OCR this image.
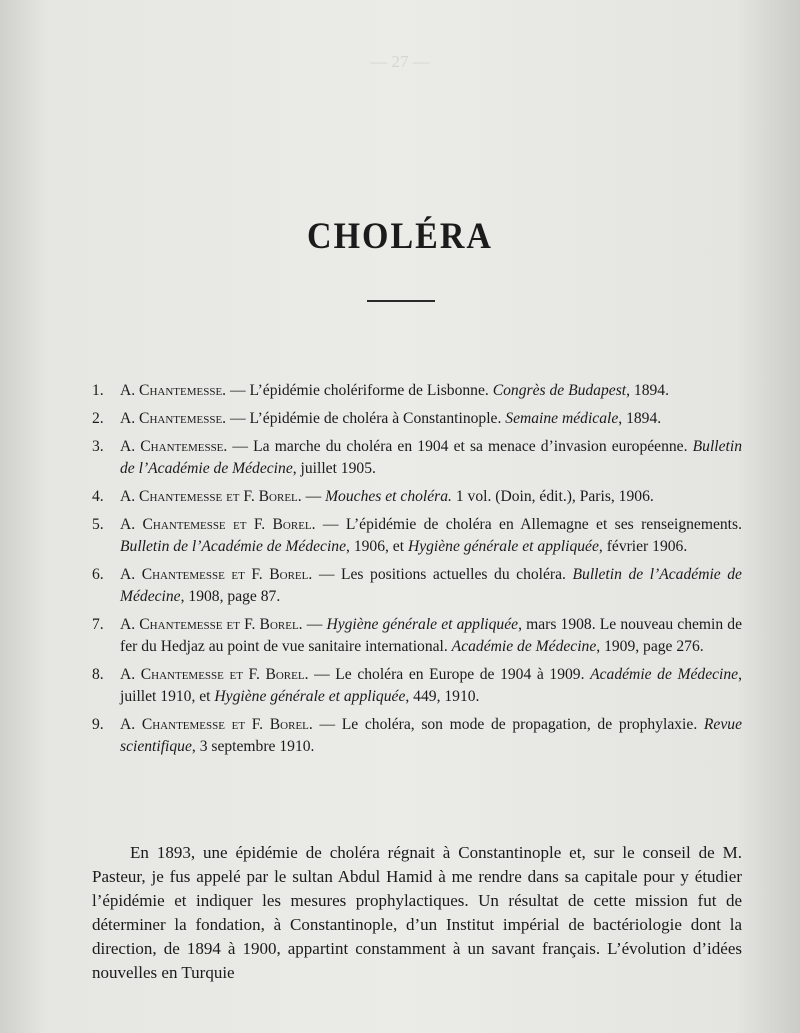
— 27 —
CHOLÉRA
1. A. Chantemesse. — L’épidémie cholériforme de Lisbonne. Congrès de Budapest, 1894.
2. A. Chantemesse. — L’épidémie de choléra à Constantinople. Semaine médicale, 1894.
3. A. Chantemesse. — La marche du choléra en 1904 et sa menace d’invasion européenne. Bulletin de l’Académie de Médecine, juillet 1905.
4. A. Chantemesse et F. Borel. — Mouches et choléra. 1 vol. (Doin, édit.), Paris, 1906.
5. A. Chantemesse et F. Borel. — L’épidémie de choléra en Allemagne et ses renseignements. Bulletin de l’Académie de Médecine, 1906, et Hygiène générale et appliquée, février 1906.
6. A. Chantemesse et F. Borel. — Les positions actuelles du choléra. Bulletin de l’Académie de Médecine, 1908, page 87.
7. A. Chantemesse et F. Borel. — Hygiène générale et appliquée, mars 1908. Le nouveau chemin de fer du Hedjaz au point de vue sanitaire international. Académie de Médecine, 1909, page 276.
8. A. Chantemesse et F. Borel. — Le choléra en Europe de 1904 à 1909. Académie de Médecine, juillet 1910, et Hygiène générale et appliquée, 449, 1910.
9. A. Chantemesse et F. Borel. — Le choléra, son mode de propagation, de prophylaxie. Revue scientifique, 3 septembre 1910.

En 1893, une épidémie de choléra régnait à Constantinople et, sur le conseil de M. Pasteur, je fus appelé par le sultan Abdul Hamid à me rendre dans sa capitale pour y étudier l’épidémie et indiquer les mesures prophylactiques. Un résultat de cette mission fut de déterminer la fondation, à Constantinople, d’un Institut impérial de bactériologie dont la direction, de 1894 à 1900, appartint constamment à un savant français. L’évolution d’idées nouvelles en Turquie
